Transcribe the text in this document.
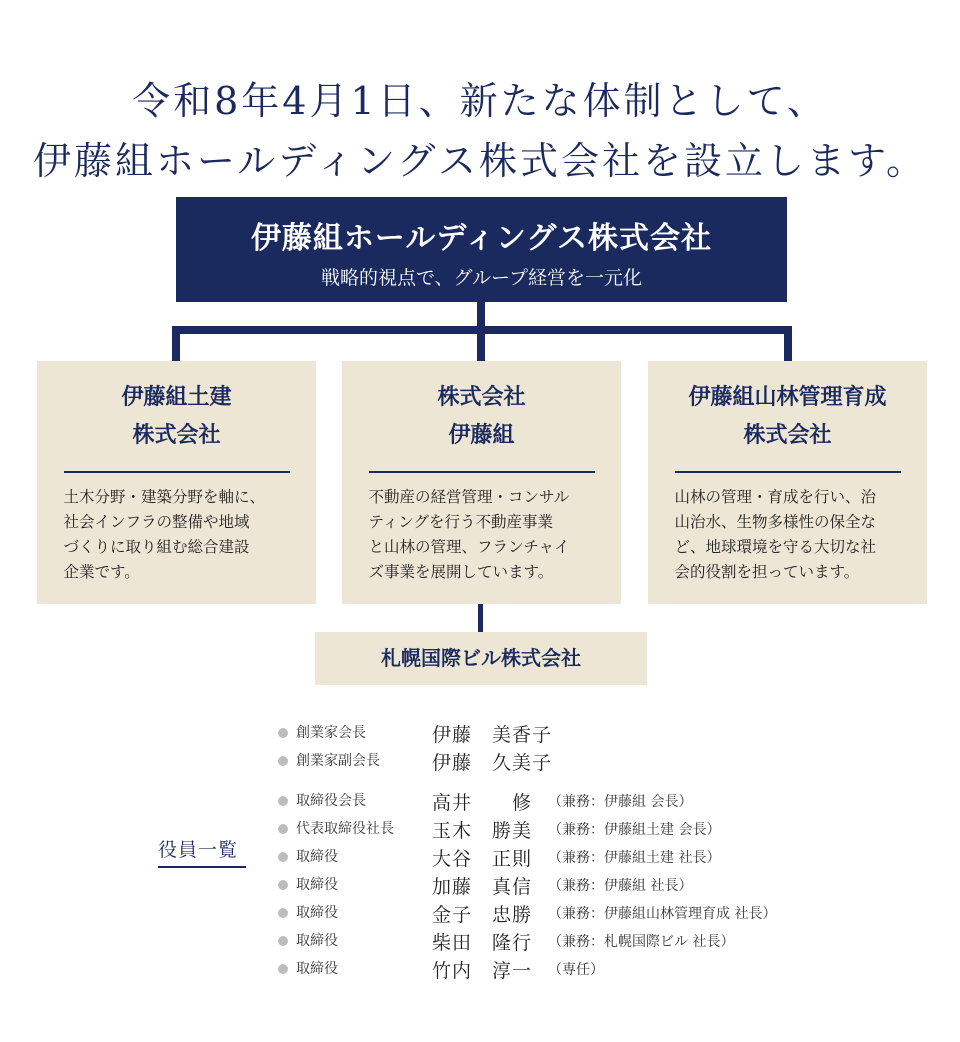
令和8年4月1日、新たな体制として、
伊藤組ホールディングス株式会社を設立します。
伊藤組ホールディングス株式会社
戦略的視点で、グループ経営を一元化
伊藤組土建
株式会社
土木分野・建築分野を軸に、
社会インフラの整備や地域
づくりに取り組む総合建設
企業です。
株式会社
伊藤組
不動産の経営管理・コンサル
ティングを行う不動産事業
と山林の管理、フランチャイ
ズ事業を展開しています。
伊藤組山林管理育成
株式会社
山林の管理・育成を行い、治
山治水、生物多様性の保全な
ど、地球環境を守る大切な社
会的役割を担っています。
札幌国際ビル株式会社
役員一覧
創業家会長	伊藤　美香子
創業家副会長	伊藤　久美子
取締役会長	高井　　修 （兼務：伊藤組 会長）
代表取締役社長 玉木　勝美 （兼務：伊藤組土建 会長）
取締役	大谷　正則 （兼務：伊藤組土建 社長）
取締役	加藤　真信 （兼務：伊藤組 社長）
取締役	金子　忠勝 （兼務：伊藤組山林管理育成 社長）
取締役	柴田　隆行 （兼務：札幌国際ビル 社長）
取締役	竹内　淳一 （専任）
